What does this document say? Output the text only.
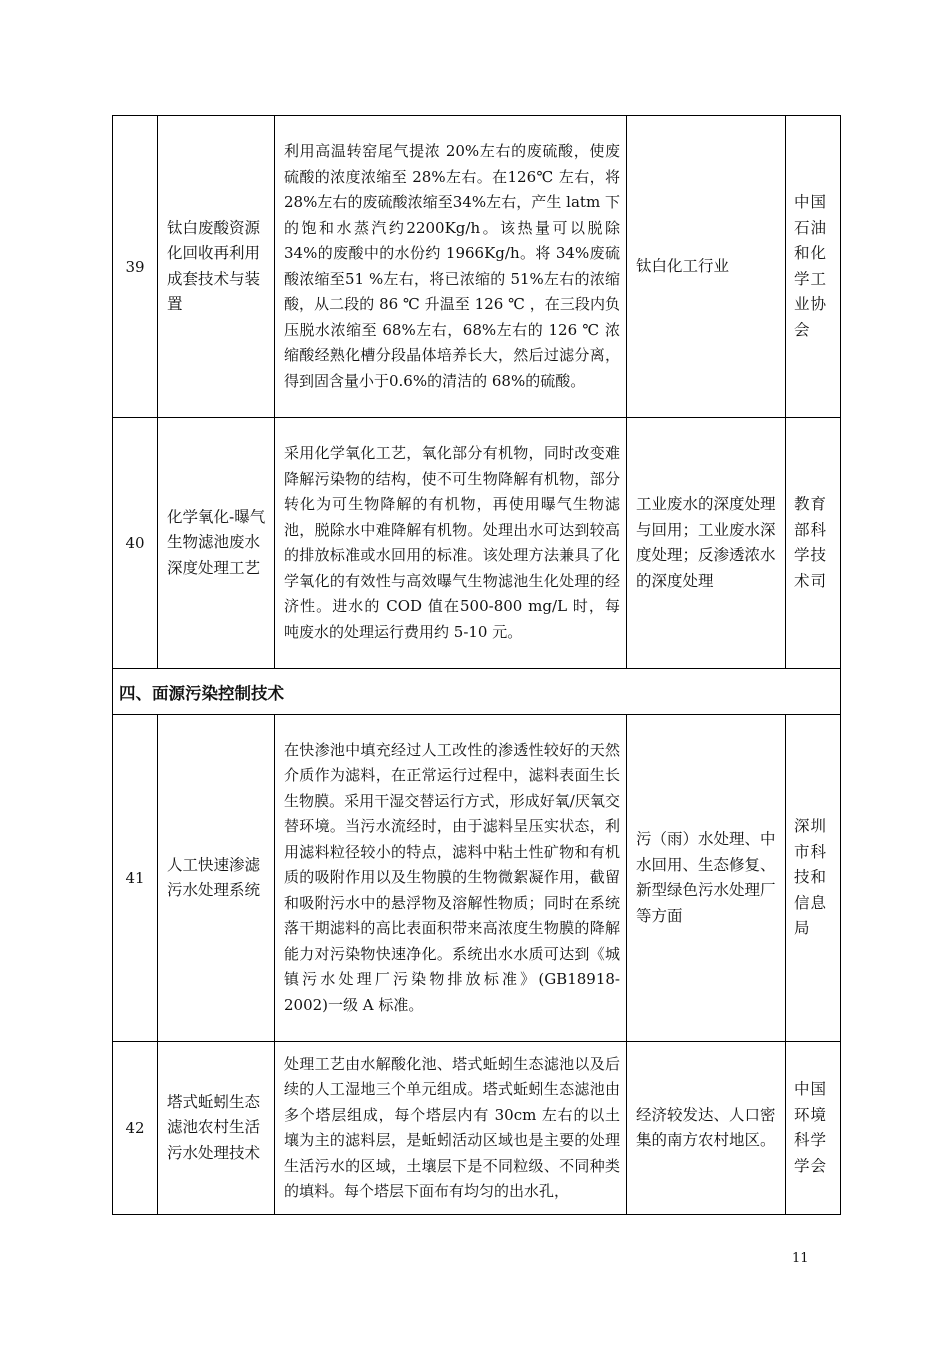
39	钛白废酸资源化回收再利用成套技术与装置	利用高温转窑尾气提浓 20%左右的废硫酸，使废硫酸的浓度浓缩至 28%左右。在126℃ 左右，将 28%左右的废硫酸浓缩至34%左右，产生 latm 下的饱和水蒸汽约2200Kg/h。该热量可以脱除 34%的废酸中的水份约 1966Kg/h。将 34%废硫酸浓缩至51 %左右，将已浓缩的 51%左右的浓缩酸，从二段的 86 ℃ 升温至 126 ℃ ，在三段内负压脱水浓缩至 68%左右，68%左右的 126 ℃ 浓缩酸经熟化槽分段晶体培养长大，然后过滤分离，得到固含量小于0.6%的清洁的 68%的硫酸。	钛白化工行业	中国石油和化学工业协会
40	化学氧化-曝气生物滤池废水深度处理工艺	采用化学氧化工艺，氧化部分有机物，同时改变难降解污染物的结构，使不可生物降解有机物，部分转化为可生物降解的有机物，再使用曝气生物滤池，脱除水中难降解有机物。处理出水可达到较高的排放标准或水回用的标准。该处理方法兼具了化学氧化的有效性与高效曝气生物滤池生化处理的经济性。进水的 COD 值在500-800 mg/L 时，每吨废水的处理运行费用约 5-10 元。	工业废水的深度处理与回用；工业废水深度处理；反渗透浓水的深度处理	教育部科学技术司
四、面源污染控制技术				
41	人工快速渗滤污水处理系统	在快渗池中填充经过人工改性的渗透性较好的天然介质作为滤料，在正常运行过程中，滤料表面生长生物膜。采用干湿交替运行方式，形成好氧/厌氧交替环境。当污水流经时，由于滤料呈压实状态，利用滤料粒径较小的特点，滤料中粘土性矿物和有机质的吸附作用以及生物膜的生物微絮凝作用，截留和吸附污水中的悬浮物及溶解性物质；同时在系统落干期滤料的高比表面积带来高浓度生物膜的降解能力对污染物快速净化。系统出水水质可达到《城镇污水处理厂污染物排放标准》(GB18918- 2002)一级 A 标准。	污（雨）水处理、中水回用、生态修复、新型绿色污水处理厂等方面	深圳市科技和信息局
42	塔式蚯蚓生态滤池农村生活污水处理技术	处理工艺由水解酸化池、塔式蚯蚓生态滤池以及后续的人工湿地三个单元组成。塔式蚯蚓生态滤池由多个塔层组成，每个塔层内有 30cm 左右的以土壤为主的滤料层，是蚯蚓活动区域也是主要的处理生活污水的区域，土壤层下是不同粒级、不同种类的填料。每个塔层下面布有均匀的出水孔，	经济较发达、人口密集的南方农村地区。	中国环境科学学会
11
